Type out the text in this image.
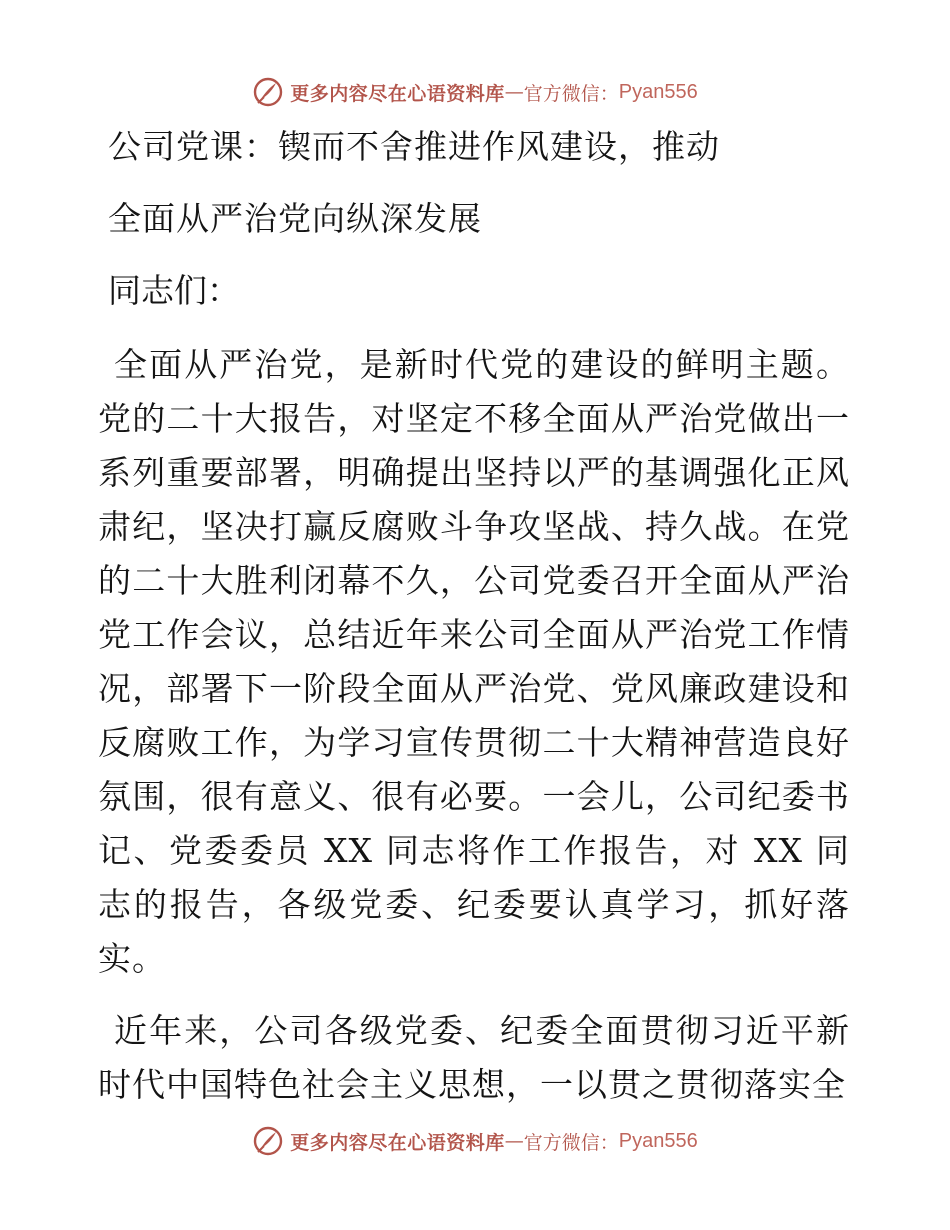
更多内容尽在心语资料库 — 官方微信： Pyan556
公司党课：锲而不舍推进作风建设，推动
全面从严治党向纵深发展
同志们：

全面从严治党，是新时代党的建设的鲜明主题。党的二十大报告，对坚定不移全面从严治党做出一系列重要部署，明确提出坚持以严的基调强化正风肃纪，坚决打赢反腐败斗争攻坚战、持久战。在党的二十大胜利闭幕不久，公司党委召开全面从严治党工作会议，总结近年来公司全面从严治党工作情况，部署下一阶段全面从严治党、党风廉政建设和反腐败工作，为学习宣传贯彻二十大精神营造良好氛围，很有意义、很有必要。一会儿，公司纪委书记、党委委员 XX 同志将作工作报告，对 XX 同志的报告，各级党委、纪委要认真学习，抓好落实。

近年来，公司各级党委、纪委全面贯彻习近平新时代中国特色社会主义思想，一以贯之贯彻落实全

更多内容尽在心语资料库 — 官方微信： Pyan556
